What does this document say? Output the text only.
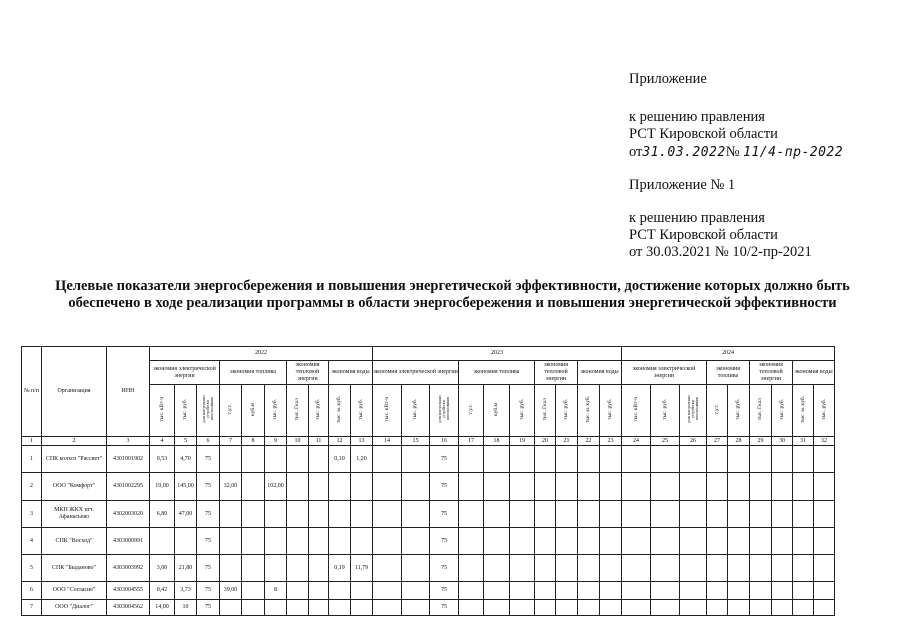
Приложение
к решению правления
РСТ Кировской области
от31.03.2022№ 11/4-пр-2022
Приложение № 1
к решению правления
РСТ Кировской области
от 30.03.2021 № 10/2-пр-2021
Целевые показатели энергосбережения и повышения энергетической эффективности, достижение которых должно быть обеспечено в ходе реализации программы в области энергосбережения и повышения энергетической эффективности
№ п/п	Организация	ИНН	2022										2023										2024								
			экономия электрической энергии			экономия топлива			экономия тепловой энергии		экономия воды		экономия электрической энергии			экономия топлива			экономия тепловой энергии		экономия воды		экономия электрической энергии			экономия топлива		экономия тепловой энергии		экономия воды	
			тыс. кВт·ч	тыс. руб.	доля контрольных устройств в использовании	т.у.т.	куб.м	тыс. руб.	тыс. Гкал	тыс. руб.	тыс. м. куб.	тыс. руб.	тыс. кВт·ч	тыс. руб.	доля контрольных устройств в использовании	т.у.т.	куб.м	тыс. руб.	тыс. Гкал	тыс. руб.	тыс. м. куб.	тыс. руб.	тыс. кВт·ч	тыс. руб.	доля контрольных устройств в использовании	т.у.т.	тыс. руб.	тыс. Гкал	тыс. руб.	тыс. м. куб.	тыс. руб.
1	2	3	4	5	6	7	8	9	10	11	12	13	14	15	16	17	18	19	20	21	22	23	24	25	26	27	28	29	30	31	32
1	СПК колхоз "Рассвет"	4301001902	0,53	4,70	75						0,10	1,20			75																
2	ООО "Комфорт"	4301002295	19,00	145,00	75	32,00		102,00							75																
3	МКП ЖКХ пгт. Афанасьево	4302003020	6,80	47,00	75										75																
4	СПК "Восход"	4303000991			75										75																
5	СПК "Быданово"	4303003992	3,00	21,80	75						0,19	11,79			75																
6	ООО "Согласие"	4303004555	0,42	3,73	75	39,00		8							75																
7	ООО "Диалог"	4303004562	14,00	10	75										75																
